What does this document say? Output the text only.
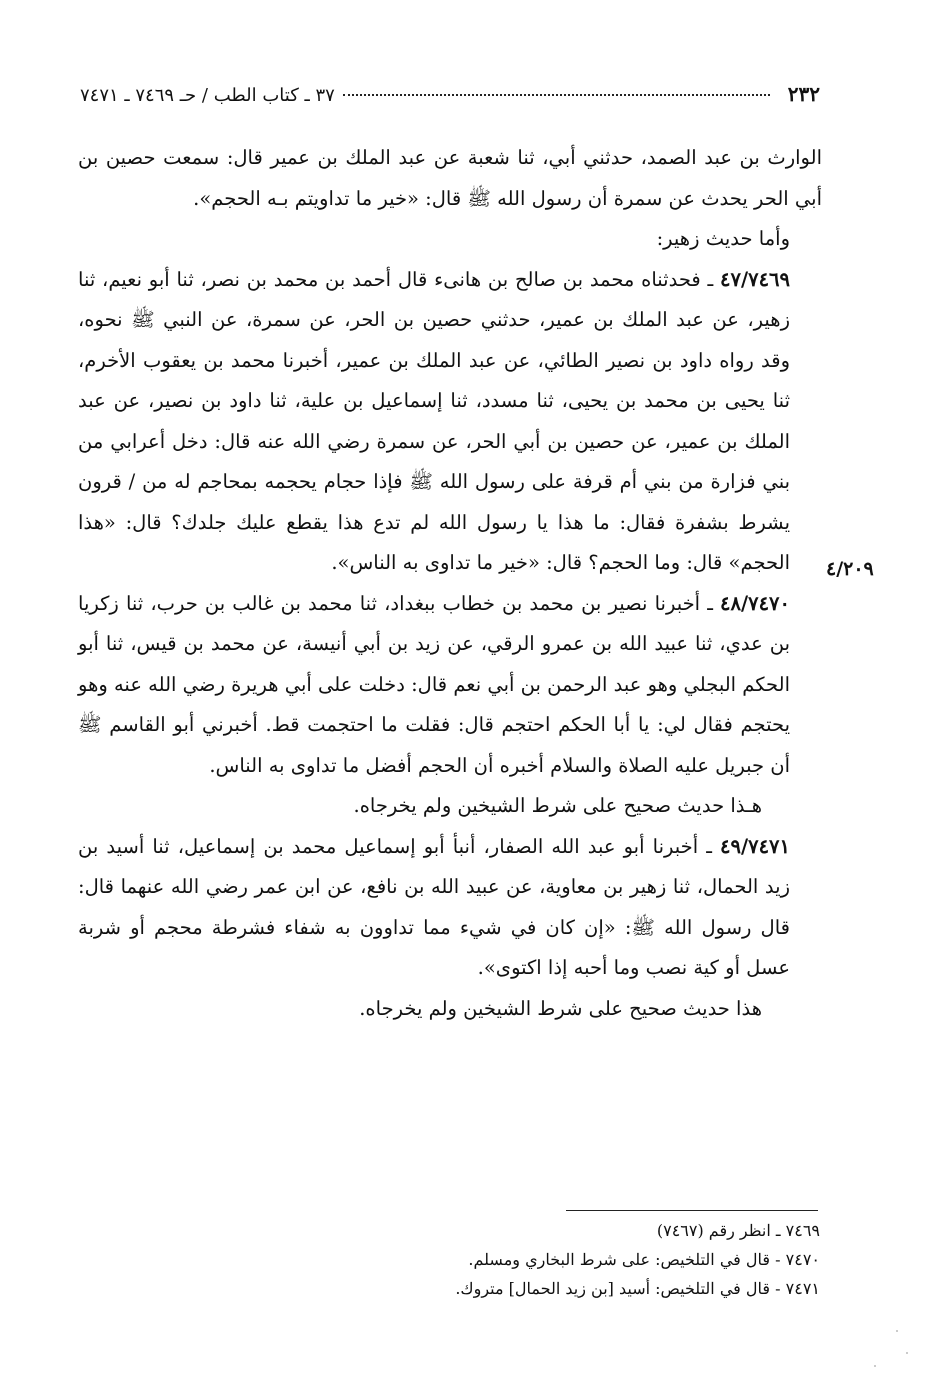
٢٣٢
٣٧ ـ كتاب الطب / حـ ٧٤٦٩ ـ ٧٤٧١
٤/٢٠٩

الوارث بن عبد الصمد، حدثني أبي، ثنا شعبة عن عبد الملك بن عمير قال: سمعت حصين بن أبي الحر يحدث عن سمرة أن رسول الله ﷺ قال: «خير ما تداويتم بـه الحجم».

وأما حديث زهير:

٤٧/٧٤٦٩ ـ فحدثناه محمد بن صالح بن هانىء قال أحمد بن محمد بن نصر، ثنا أبو نعيم، ثنا زهير، عن عبد الملك بن عمير، حدثني حصين بن الحر، عن سمرة، عن النبي ﷺ نحوه، وقد رواه داود بن نصير الطائي، عن عبد الملك بن عمير، أخبرنا محمد بن يعقوب الأخرم، ثنا يحيى بن محمد بن يحيى، ثنا مسدد، ثنا إسماعيل بن علية، ثنا داود بن نصير، عن عبد الملك بن عمير، عن حصين بن أبي الحر، عن سمرة رضي الله عنه قال: دخل أعرابي من بني فزارة من بني أم قرفة على رسول الله ﷺ فإذا حجام يحجمه بمحاجم له من / قرون يشرط بشفرة فقال: ما هذا يا رسول الله لم تدع هذا يقطع عليك جلدك؟ قال: «هذا الحجم» قال: وما الحجم؟ قال: «خير ما تداوى به الناس».

٤٨/٧٤٧٠ ـ أخبرنا نصير بن محمد بن خطاب ببغداد، ثنا محمد بن غالب بن حرب، ثنا زكريا بن عدي، ثنا عبيد الله بن عمرو الرقي، عن زيد بن أبي أنيسة، عن محمد بن قيس، ثنا أبو الحكم البجلي وهو عبد الرحمن بن أبي نعم قال: دخلت على أبي هريرة رضي الله عنه وهو يحتجم فقال لي: يا أبا الحكم احتجم قال: فقلت ما احتجمت قط. أخبرني أبو القاسم ﷺ أن جبريل عليه الصلاة والسلام أخبره أن الحجم أفضل ما تداوى به الناس.

هـذا حديث صحيح على شرط الشيخين ولم يخرجاه.

٤٩/٧٤٧١ ـ أخبرنا أبو عبد الله الصفار، أنبأ أبو إسماعيل محمد بن إسماعيل، ثنا أسيد بن زيد الحمال، ثنا زهير بن معاوية، عن عبيد الله بن نافع، عن ابن عمر رضي الله عنهما قال: قال رسول الله ﷺ: «إن كان في شيء مما تداوون به شفاء فشرطة محجم أو شربة عسل أو كية نصب وما أحبه إذا اكتوى».

هذا حديث صحيح على شرط الشيخين ولم يخرجاه.

٧٤٦٩ ـ انظر رقم (٧٤٦٧)

٧٤٧٠ - قال في التلخيص: على شرط البخاري ومسلم.

٧٤٧١ - قال في التلخيص: أسيد [بن زيد الحمال] متروك.
